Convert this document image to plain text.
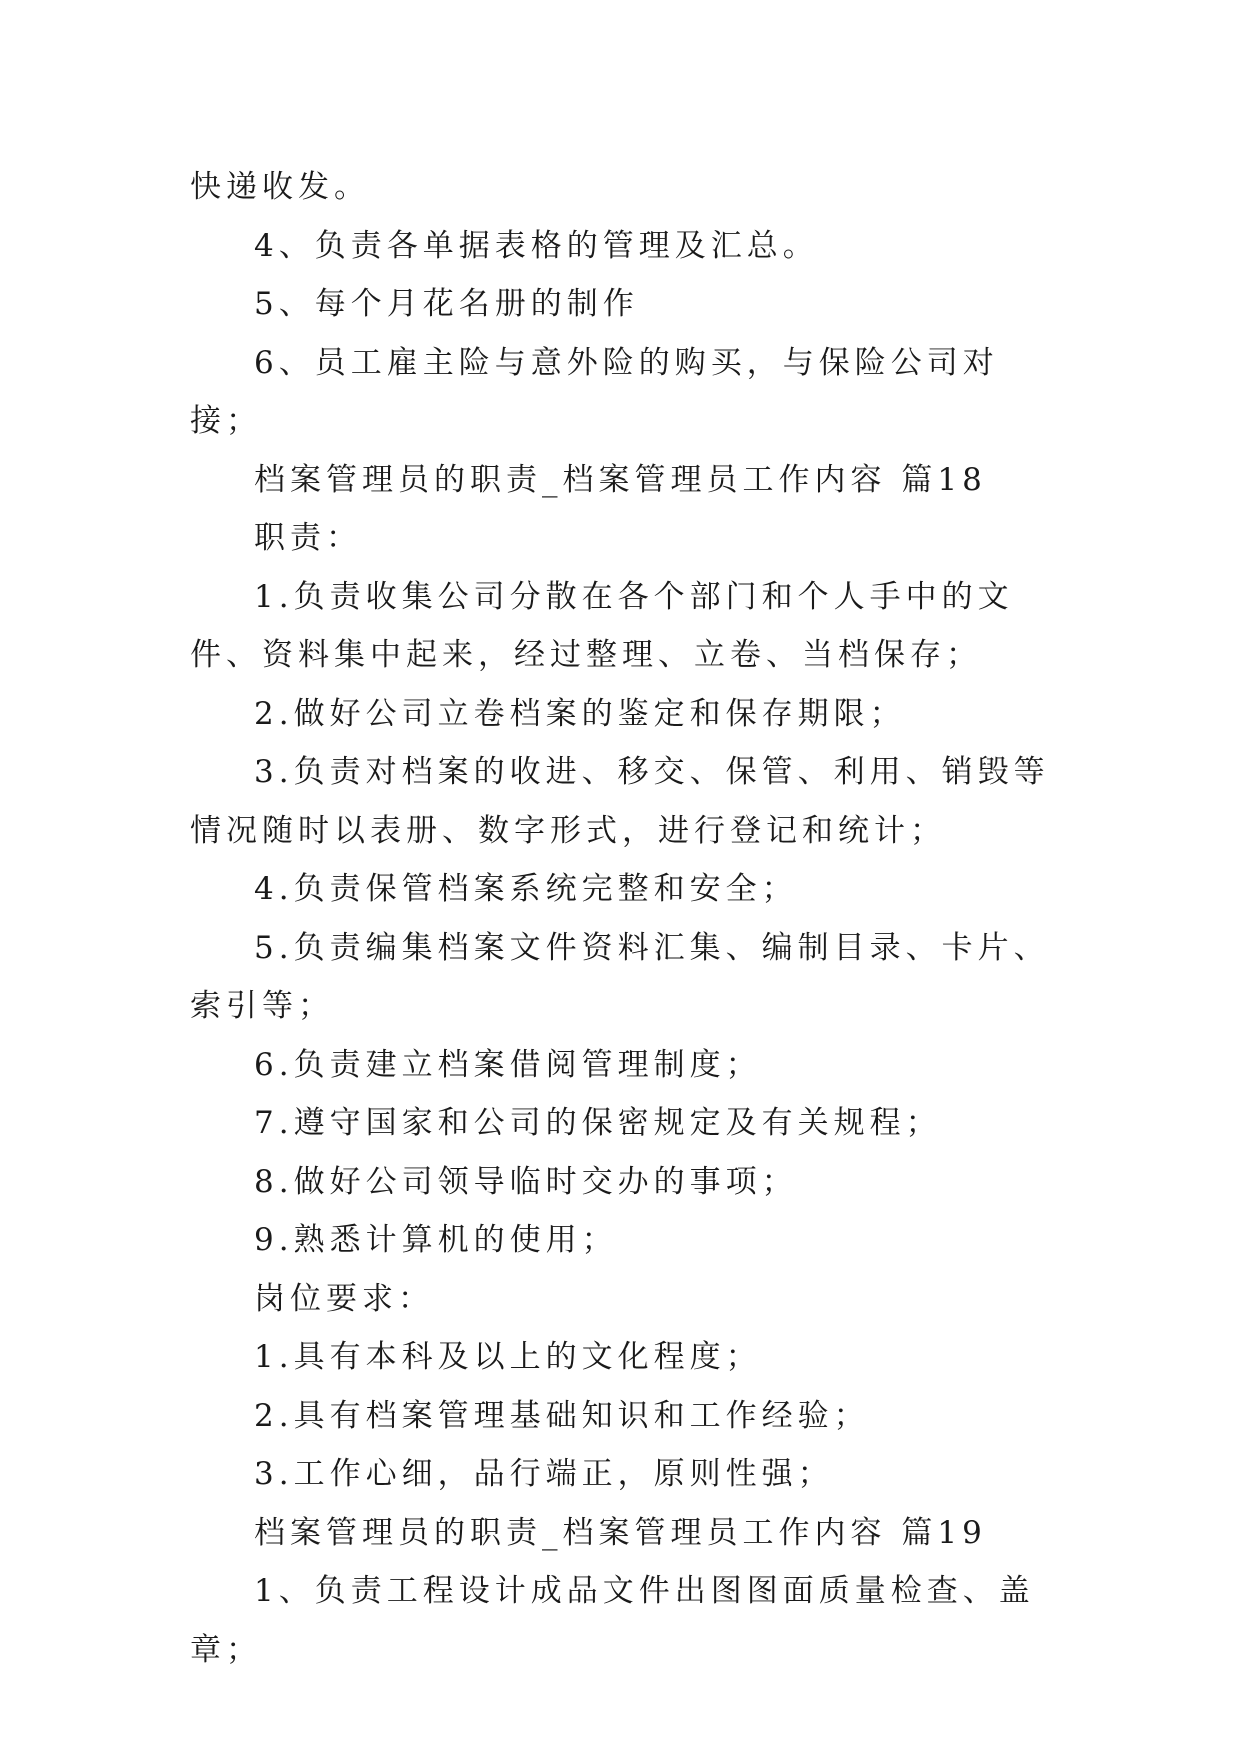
快递收发。

4、负责各单据表格的管理及汇总。

5、每个月花名册的制作

6、员工雇主险与意外险的购买，与保险公司对接；

档案管理员的职责_档案管理员工作内容 篇18

职责：

1.负责收集公司分散在各个部门和个人手中的文件、资料集中起来，经过整理、立卷、当档保存；

2.做好公司立卷档案的鉴定和保存期限；

3.负责对档案的收进、移交、保管、利用、销毁等情况随时以表册、数字形式，进行登记和统计；

4.负责保管档案系统完整和安全；

5.负责编集档案文件资料汇集、编制目录、卡片、索引等；

6.负责建立档案借阅管理制度；

7.遵守国家和公司的保密规定及有关规程；

8.做好公司领导临时交办的事项；

9.熟悉计算机的使用；

岗位要求：

1.具有本科及以上的文化程度；

2.具有档案管理基础知识和工作经验；

3.工作心细，品行端正，原则性强；

档案管理员的职责_档案管理员工作内容 篇19

1、负责工程设计成品文件出图图面质量检查、盖章；
